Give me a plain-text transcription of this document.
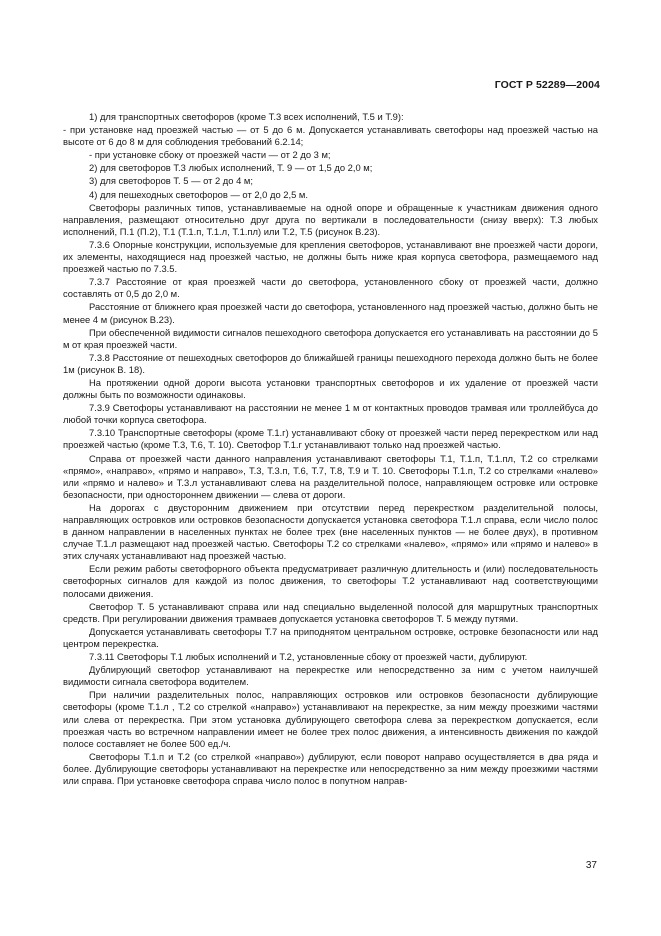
ГОСТ Р 52289—2004

1) для транспортных светофоров (кроме Т.3 всех исполнений, Т.5 и Т.9):

- при установке над проезжей частью — от 5 до 6 м. Допускается устанавливать светофоры над проезжей частью на высоте от 6 до 8 м для соблюдения требований 6.2.14;

- при установке сбоку от проезжей части — от 2 до 3 м;

2) для светофоров Т.3 любых исполнений, Т. 9 — от 1,5 до 2,0 м;

3) для светофоров Т. 5 — от 2 до 4 м;

4) для пешеходных светофоров — от 2,0 до 2,5 м.

Светофоры различных типов, устанавливаемые на одной опоре и обращенные к участникам движения одного направления, размещают относительно друг друга по вертикали в последовательности (снизу вверх): Т.3 любых исполнений, П.1 (П.2), Т.1 (Т.1.п, Т.1.л, Т.1.пл) или Т.2, Т.5 (рисунок В.23).

7.3.6 Опорные конструкции, используемые для крепления светофоров, устанавливают вне проезжей части дороги, их элементы, находящиеся над проезжей частью, не должны быть ниже края корпуса светофора, размещаемого над проезжей частью по 7.3.5.

7.3.7 Расстояние от края проезжей части до светофора, установленного сбоку от проезжей части, должно составлять от 0,5 до 2,0 м.

Расстояние от ближнего края проезжей части до светофора, установленного над проезжей частью, должно быть не менее 4 м (рисунок В.23).

При обеспеченной видимости сигналов пешеходного светофора допускается его устанавливать на расстоянии до 5 м от края проезжей части.

7.3.8 Расстояние от пешеходных светофоров до ближайшей границы пешеходного перехода должно быть не более 1м (рисунок В. 18).

На протяжении одной дороги высота установки транспортных светофоров и их удаление от проезжей части должны быть по возможности одинаковы.

7.3.9 Светофоры устанавливают на расстоянии не менее 1 м от контактных проводов трамвая или троллейбуса до любой точки корпуса светофора.

7.3.10 Транспортные светофоры (кроме Т.1.г) устанавливают сбоку от проезжей части перед перекрестком или над проезжей частью (кроме Т.3, Т.6, Т. 10). Светофор Т.1.г устанавливают только над проезжей частью.

Справа от проезжей части данного направления устанавливают светофоры Т.1, Т.1.п, Т.1.пл, Т.2 со стрелками «прямо», «направо», «прямо и направо», Т.3, Т.3.п, Т.6, Т.7, Т.8, Т.9 и Т. 10. Светофоры Т.1.п, Т.2 со стрелками «налево» или «прямо и налево» и Т.3.л устанавливают слева на разделительной полосе, направляющем островке или островке безопасности, при одностороннем движении — слева от дороги.

На дорогах с двусторонним движением при отсутствии перед перекрестком разделительной полосы, направляющих островков или островков безопасности допускается установка светофора Т.1.л справа, если число полос в данном направлении в населенных пунктах не более трех (вне населенных пунктов — не более двух), в противном случае Т.1.л размещают над проезжей частью. Светофоры Т.2 со стрелками «налево», «прямо» или «прямо и налево» в этих случаях устанавливают над проезжей частью.

Если режим работы светофорного объекта предусматривает различную длительность и (или) последовательность светофорных сигналов для каждой из полос движения, то светофоры Т.2 устанавливают над соответствующими полосами движения.

Светофор Т. 5 устанавливают справа или над специально выделенной полосой для маршрутных транспортных средств. При регулировании движения трамваев допускается установка светофоров Т. 5 между путями.

Допускается устанавливать светофоры Т.7 на приподнятом центральном островке, островке безопасности или над центром перекрестка.

7.3.11 Светофоры Т.1 любых исполнений и Т.2, установленные сбоку от проезжей части, дублируют.

Дублирующий светофор устанавливают на перекрестке или непосредственно за ним с учетом наилучшей видимости сигнала светофора водителем.

При наличии разделительных полос, направляющих островков или островков безопасности дублирующие светофоры (кроме Т.1.л , Т.2 со стрелкой «направо») устанавливают на перекрестке, за ним между проезжими частями или слева от перекрестка. При этом установка дублирующего светофора слева за перекрестком допускается, если проезжая часть во встречном направлении имеет не более трех полос движения, а интенсивность движения по каждой полосе составляет не более 500 ед./ч.

Светофоры Т.1.п и Т.2 (со стрелкой «направо») дублируют, если поворот направо осуществляется в два ряда и более. Дублирующие светофоры устанавливают на перекрестке или непосредственно за ним между проезжими частями или справа. При установке светофора справа число полос в попутном направ-

37
